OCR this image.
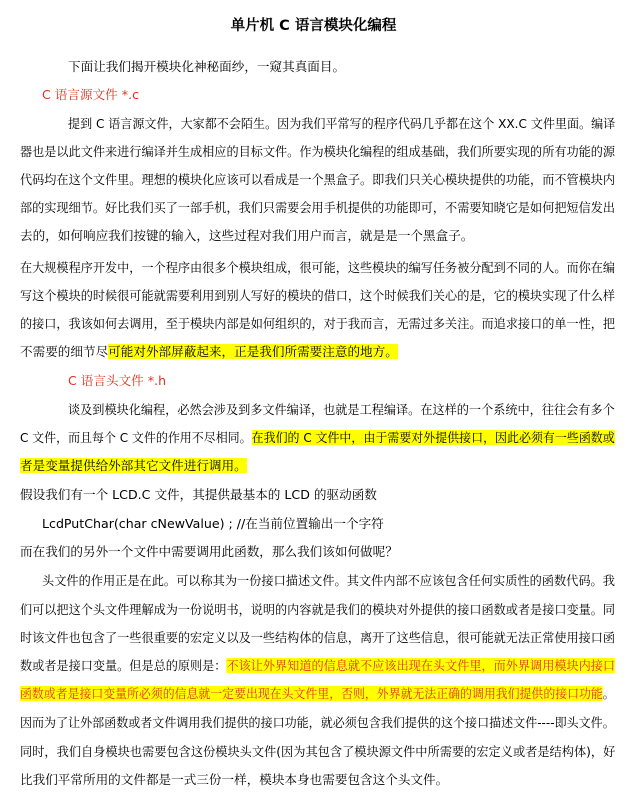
单片机 C 语言模块化编程
下面让我们揭开模块化神秘面纱，一窥其真面目。
C 语言源文件 *.c
提到 C 语言源文件，大家都不会陌生。因为我们平常写的程序代码几乎都在这个 XX.C 文件里面。编译
器也是以此文件来进行编译并生成相应的目标文件。作为模块化编程的组成基础，我们所要实现的所有功能的源
代码均在这个文件里。理想的模块化应该可以看成是一个黑盒子。即我们只关心模块提供的功能，而不管模块内
部的实现细节。好比我们买了一部手机，我们只需要会用手机提供的功能即可，不需要知晓它是如何把短信发出
去的，如何响应我们按键的输入，这些过程对我们用户而言，就是是一个黑盒子。
在大规模程序开发中，一个程序由很多个模块组成，很可能，这些模块的编写任务被分配到不同的人。而你在编
写这个模块的时候很可能就需要利用到别人写好的模块的借口，这个时候我们关心的是，它的模块实现了什么样
的接口，我该如何去调用，至于模块内部是如何组织的，对于我而言，无需过多关注。而追求接口的单一性，把
不需要的细节尽可能对外部屏蔽起来，正是我们所需要注意的地方。
C 语言头文件 *.h
谈及到模块化编程，必然会涉及到多文件编译，也就是工程编译。在这样的一个系统中，往往会有多个
C 文件，而且每个 C 文件的作用不尽相同。在我们的 C 文件中，由于需要对外提供接口，因此必须有一些函数或
者是变量提供给外部其它文件进行调用。
假设我们有一个 LCD.C 文件，其提供最基本的 LCD 的驱动函数
LcdPutChar(char cNewValue) ; //在当前位置输出一个字符
而在我们的另外一个文件中需要调用此函数，那么我们该如何做呢？
头文件的作用正是在此。可以称其为一份接口描述文件。其文件内部不应该包含任何实质性的函数代码。我
们可以把这个头文件理解成为一份说明书，说明的内容就是我们的模块对外提供的接口函数或者是接口变量。同
时该文件也包含了一些很重要的宏定义以及一些结构体的信息，离开了这些信息，很可能就无法正常使用接口函
数或者是接口变量。但是总的原则是：不该让外界知道的信息就不应该出现在头文件里，而外界调用模块内接口
函数或者是接口变量所必须的信息就一定要出现在头文件里，否则，外界就无法正确的调用我们提供的接口功能。
因而为了让外部函数或者文件调用我们提供的接口功能，就必须包含我们提供的这个接口描述文件----即头文件。
同时，我们自身模块也需要包含这份模块头文件(因为其包含了模块源文件中所需要的宏定义或者是结构体)，好
比我们平常所用的文件都是一式三份一样，模块本身也需要包含这个头文件。
